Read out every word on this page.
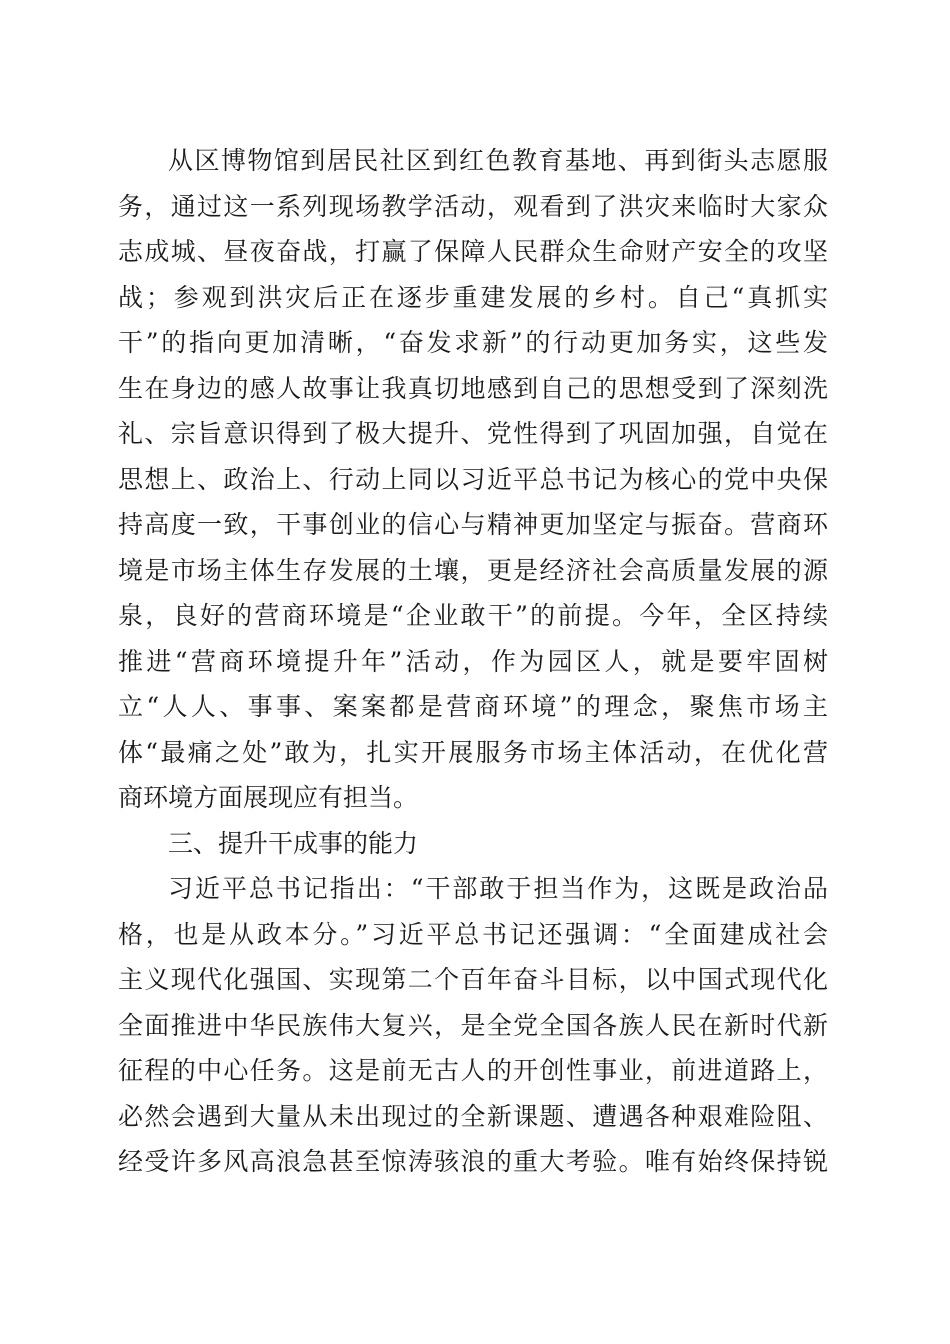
从区博物馆到居民社区到红色教育基地、再到街头志愿服
务，通过这一系列现场教学活动，观看到了洪灾来临时大家众
志成城、昼夜奋战，打赢了保障人民群众生命财产安全的攻坚
战；参观到洪灾后正在逐步重建发展的乡村。自己“真抓实
干”的指向更加清晰，“奋发求新”的行动更加务实，这些发
生在身边的感人故事让我真切地感到自己的思想受到了深刻洗
礼、宗旨意识得到了极大提升、党性得到了巩固加强，自觉在
思想上、政治上、行动上同以习近平总书记为核心的党中央保
持高度一致，干事创业的信心与精神更加坚定与振奋。营商环
境是市场主体生存发展的土壤，更是经济社会高质量发展的源
泉，良好的营商环境是“企业敢干”的前提。今年，全区持续
推进“营商环境提升年”活动，作为园区人，就是要牢固树
立“人人、事事、案案都是营商环境”的理念，聚焦市场主
体“最痛之处”敢为，扎实开展服务市场主体活动，在优化营
商环境方面展现应有担当。
三、提升干成事的能力
习近平总书记指出：“干部敢于担当作为，这既是政治品
格，也是从政本分。”习近平总书记还强调：“全面建成社会
主义现代化强国、实现第二个百年奋斗目标，以中国式现代化
全面推进中华民族伟大复兴，是全党全国各族人民在新时代新
征程的中心任务。这是前无古人的开创性事业，前进道路上，
必然会遇到大量从未出现过的全新课题、遭遇各种艰难险阻、
经受许多风高浪急甚至惊涛骇浪的重大考验。唯有始终保持锐
